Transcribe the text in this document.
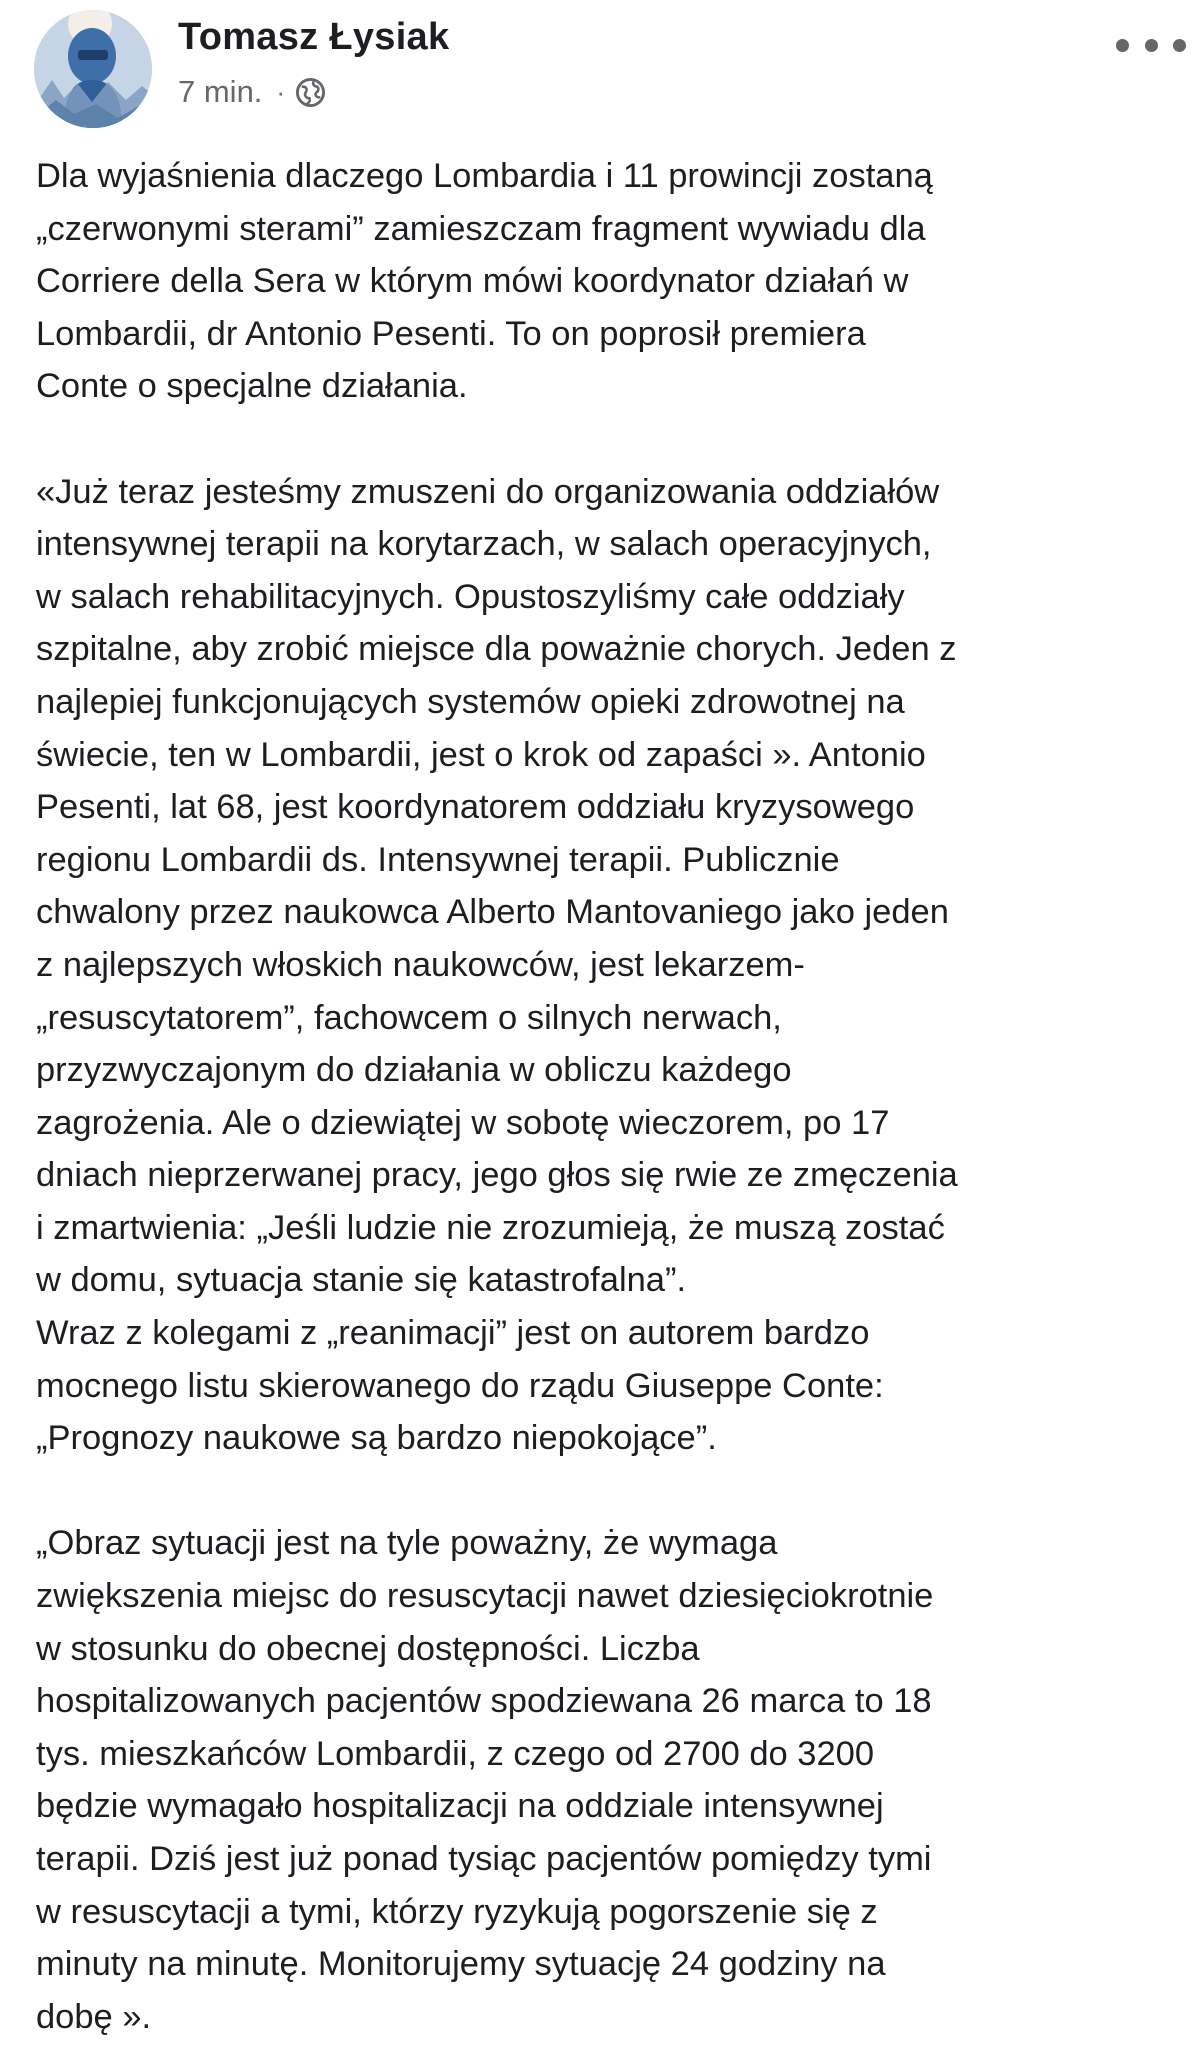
Tomasz Łysiak
7 min. ·

Dla wyjaśnienia dlaczego Lombardia i 11 prowincji zostaną
„czerwonymi sterami” zamieszczam fragment wywiadu dla
Corriere della Sera w którym mówi koordynator działań w
Lombardii, dr Antonio Pesenti. To on poprosił premiera
Conte o specjalne działania.

«Już teraz jesteśmy zmuszeni do organizowania oddziałów
intensywnej terapii na korytarzach, w salach operacyjnych,
w salach rehabilitacyjnych. Opustoszyliśmy całe oddziały
szpitalne, aby zrobić miejsce dla poważnie chorych. Jeden z
najlepiej funkcjonujących systemów opieki zdrowotnej na
świecie, ten w Lombardii, jest o krok od zapaści ». Antonio
Pesenti, lat 68, jest koordynatorem oddziału kryzysowego
regionu Lombardii ds. Intensywnej terapii. Publicznie
chwalony przez naukowca Alberto Mantovaniego jako jeden
z najlepszych włoskich naukowców, jest lekarzem-
„resuscytatorem”, fachowcem o silnych nerwach,
przyzwyczajonym do działania w obliczu każdego
zagrożenia. Ale o dziewiątej w sobotę wieczorem, po 17
dniach nieprzerwanej pracy, jego głos się rwie ze zmęczenia
i zmartwienia: „Jeśli ludzie nie zrozumieją, że muszą zostać
w domu, sytuacja stanie się katastrofalna”.
Wraz z kolegami z „reanimacji” jest on autorem bardzo
mocnego listu skierowanego do rządu Giuseppe Conte:
„Prognozy naukowe są bardzo niepokojące”.

„Obraz sytuacji jest na tyle poważny, że wymaga
zwiększenia miejsc do resuscytacji nawet dziesięciokrotnie
w stosunku do obecnej dostępności. Liczba
hospitalizowanych pacjentów spodziewana 26 marca to 18
tys. mieszkańców Lombardii, z czego od 2700 do 3200
będzie wymagało hospitalizacji na oddziale intensywnej
terapii. Dziś jest już ponad tysiąc pacjentów pomiędzy tymi
w resuscytacji a tymi, którzy ryzykują pogorszenie się z
minuty na minutę. Monitorujemy sytuację 24 godziny na
dobę ».
